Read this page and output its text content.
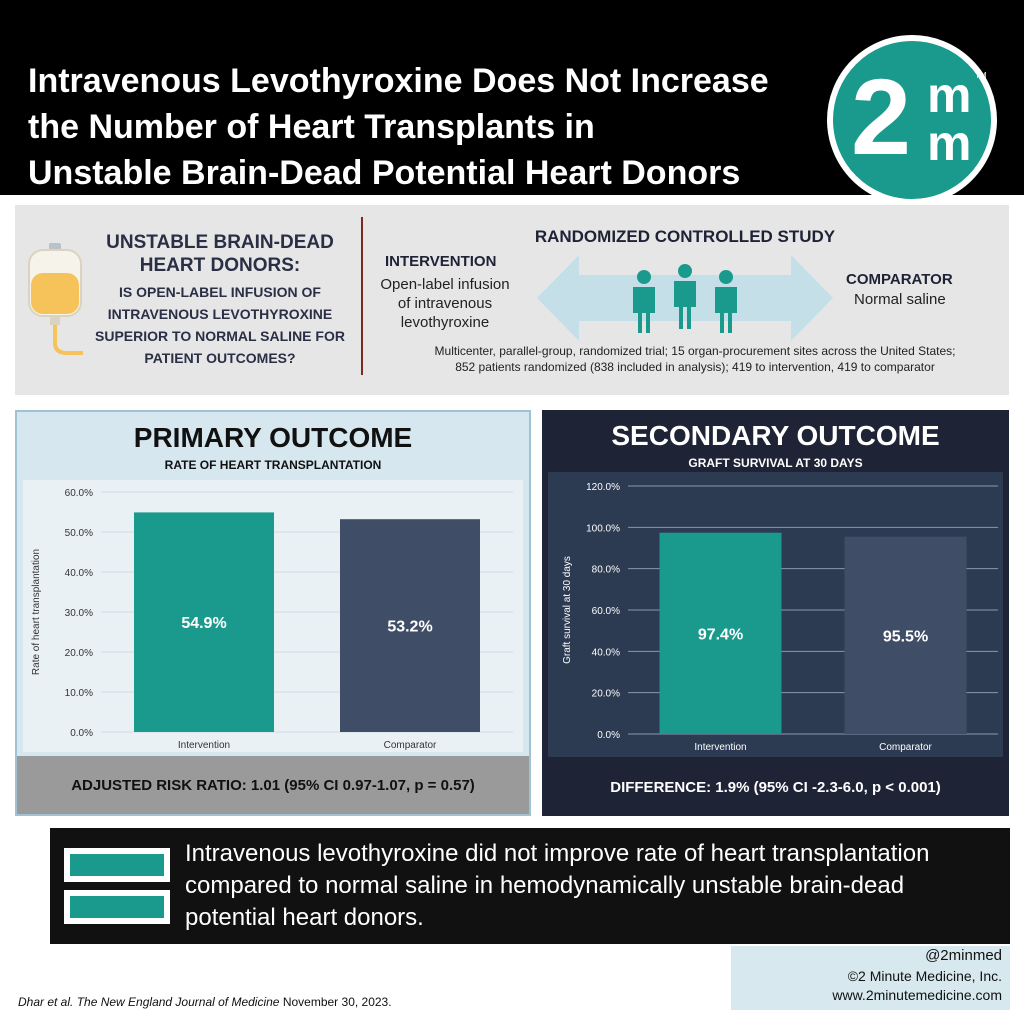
Intravenous Levothyroxine Does Not Increase
the Number of Heart Transplants in
Unstable Brain-Dead Potential Heart Donors	2 m
m
TM
UNSTABLE BRAIN-DEAD HEART DONORS:
IS OPEN-LABEL INFUSION OF INTRAVENOUS LEVOTHYROXINE SUPERIOR TO NORMAL SALINE FOR PATIENT OUTCOMES?
RANDOMIZED CONTROLLED STUDY
INTERVENTION
Open-label infusion of intravenous levothyroxine
COMPARATOR
Normal saline
Multicenter, parallel-group, randomized trial; 15 organ-procurement sites across the United States;
852 patients randomized (838 included in analysis); 419 to intervention, 419 to comparator
PRIMARY OUTCOME
RATE OF HEART TRANSPLANTATION
0.0%
10.0%
20.0%
30.0%
40.0%
50.0%
60.0%
Rate of heart transplantation	54.9%
Intervention
53.2%
Comparator
ADJUSTED RISK RATIO: 1.01 (95% CI 0.97-1.07, p = 0.57)
SECONDARY OUTCOME
GRAFT SURVIVAL AT 30 DAYS
0.0%
20.0%
40.0%
60.0%
80.0%
100.0%
120.0%
Graft survival at 30 days	97.4%
Intervention
95.5%
Comparator
DIFFERENCE: 1.9% (95% CI -2.3-6.0, p < 0.001)
Intravenous levothyroxine did not improve rate of heart transplantation compared to normal saline in hemodynamically unstable brain-dead potential heart donors.
@2minmed
©2 Minute Medicine, Inc.
www.2minutemedicine.com
Dhar et al. The New England Journal of Medicine November 30, 2023.
